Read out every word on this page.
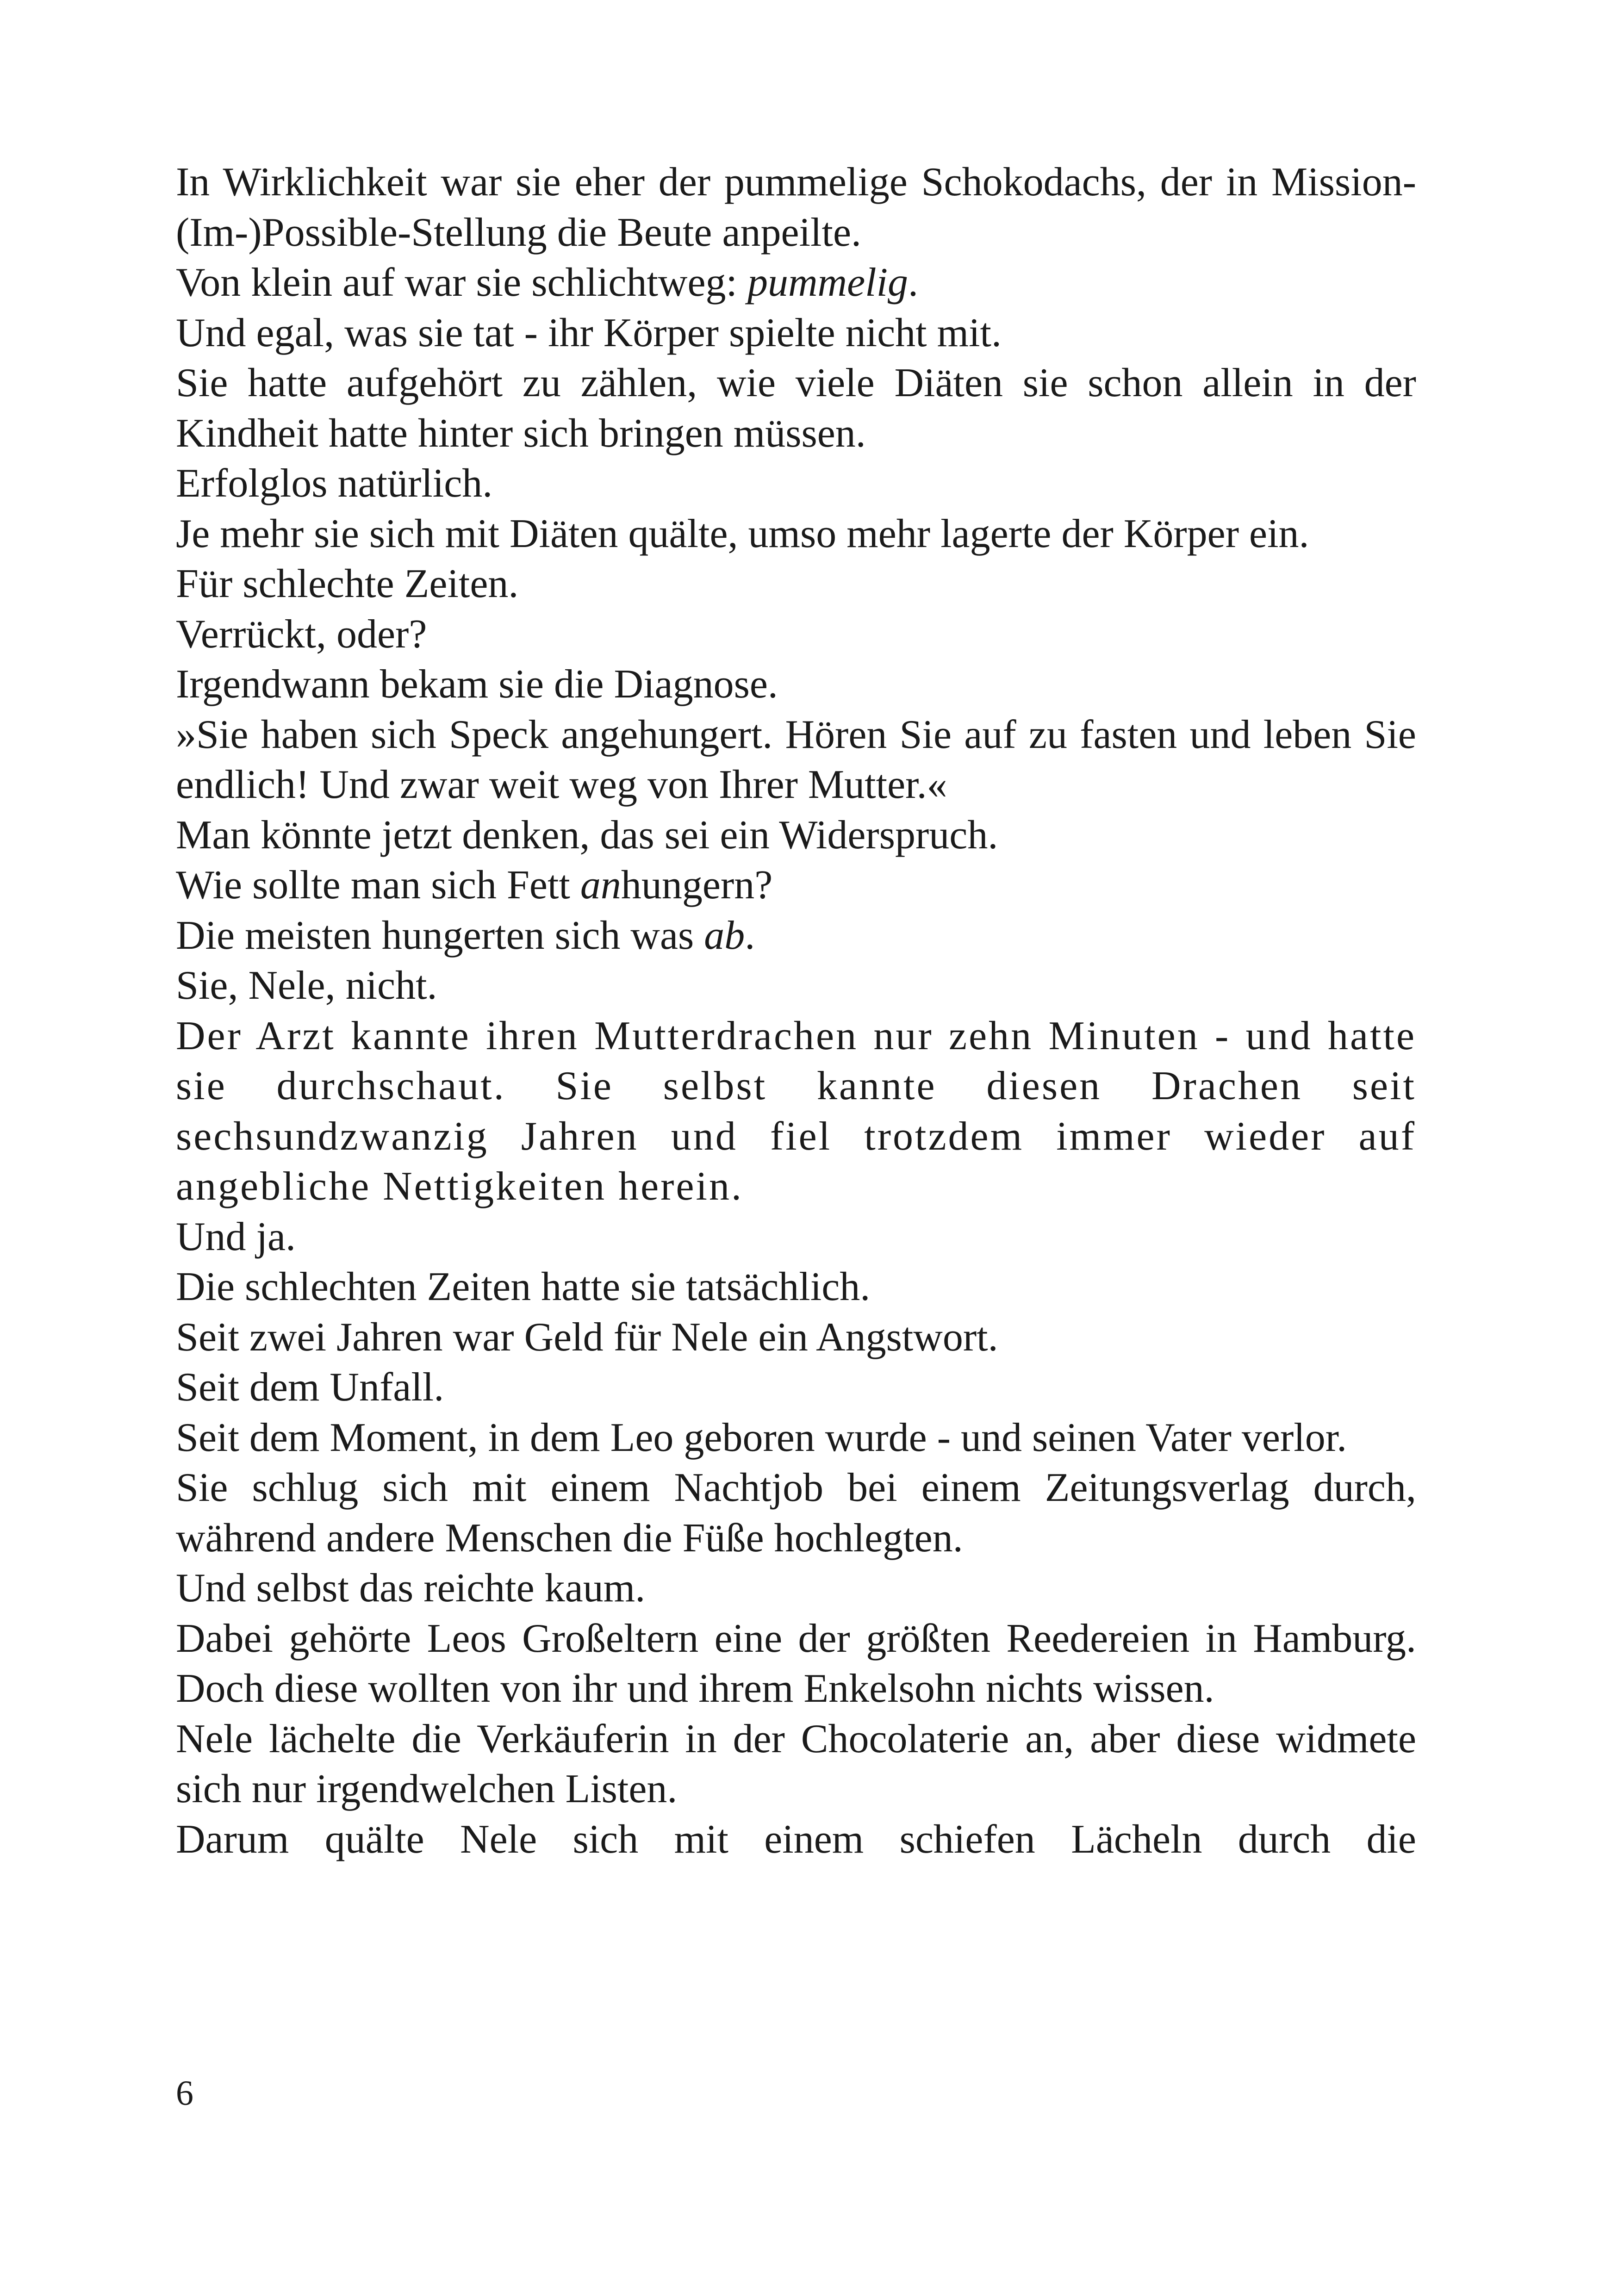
In Wirklichkeit war sie eher der pummelige Schokodachs, der in Mission-(Im-)Possible-Stellung die Beute anpeilte.

Von klein auf war sie schlichtweg: pummelig.

Und egal, was sie tat - ihr Körper spielte nicht mit.

Sie hatte aufgehört zu zählen, wie viele Diäten sie schon allein in der Kindheit hatte hinter sich bringen müssen.

Erfolglos natürlich.

Je mehr sie sich mit Diäten quälte, umso mehr lagerte der Körper ein.

Für schlechte Zeiten.

Verrückt, oder?

Irgendwann bekam sie die Diagnose.

»Sie haben sich Speck angehungert. Hören Sie auf zu fasten und leben Sie endlich! Und zwar weit weg von Ihrer Mutter.«

Man könnte jetzt denken, das sei ein Widerspruch.

Wie sollte man sich Fett anhungern?

Die meisten hungerten sich was ab.

Sie, Nele, nicht.

Der Arzt kannte ihren Mutterdrachen nur zehn Minuten - und hatte sie durchschaut. Sie selbst kannte diesen Drachen seit sechsundzwanzig Jahren und fiel trotzdem immer wieder auf angebliche Nettigkeiten herein.

Und ja.

Die schlechten Zeiten hatte sie tatsächlich.

Seit zwei Jahren war Geld für Nele ein Angstwort.

Seit dem Unfall.

Seit dem Moment, in dem Leo geboren wurde - und seinen Vater verlor.

Sie schlug sich mit einem Nachtjob bei einem Zeitungsverlag durch, während andere Menschen die Füße hochlegten.

Und selbst das reichte kaum.

Dabei gehörte Leos Großeltern eine der größten Reedereien in Hamburg. Doch diese wollten von ihr und ihrem Enkelsohn nichts wissen.

Nele lächelte die Verkäuferin in der Chocolaterie an, aber diese widmete sich nur irgendwelchen Listen.

Darum quälte Nele sich mit einem schiefen Lächeln durch die

6
